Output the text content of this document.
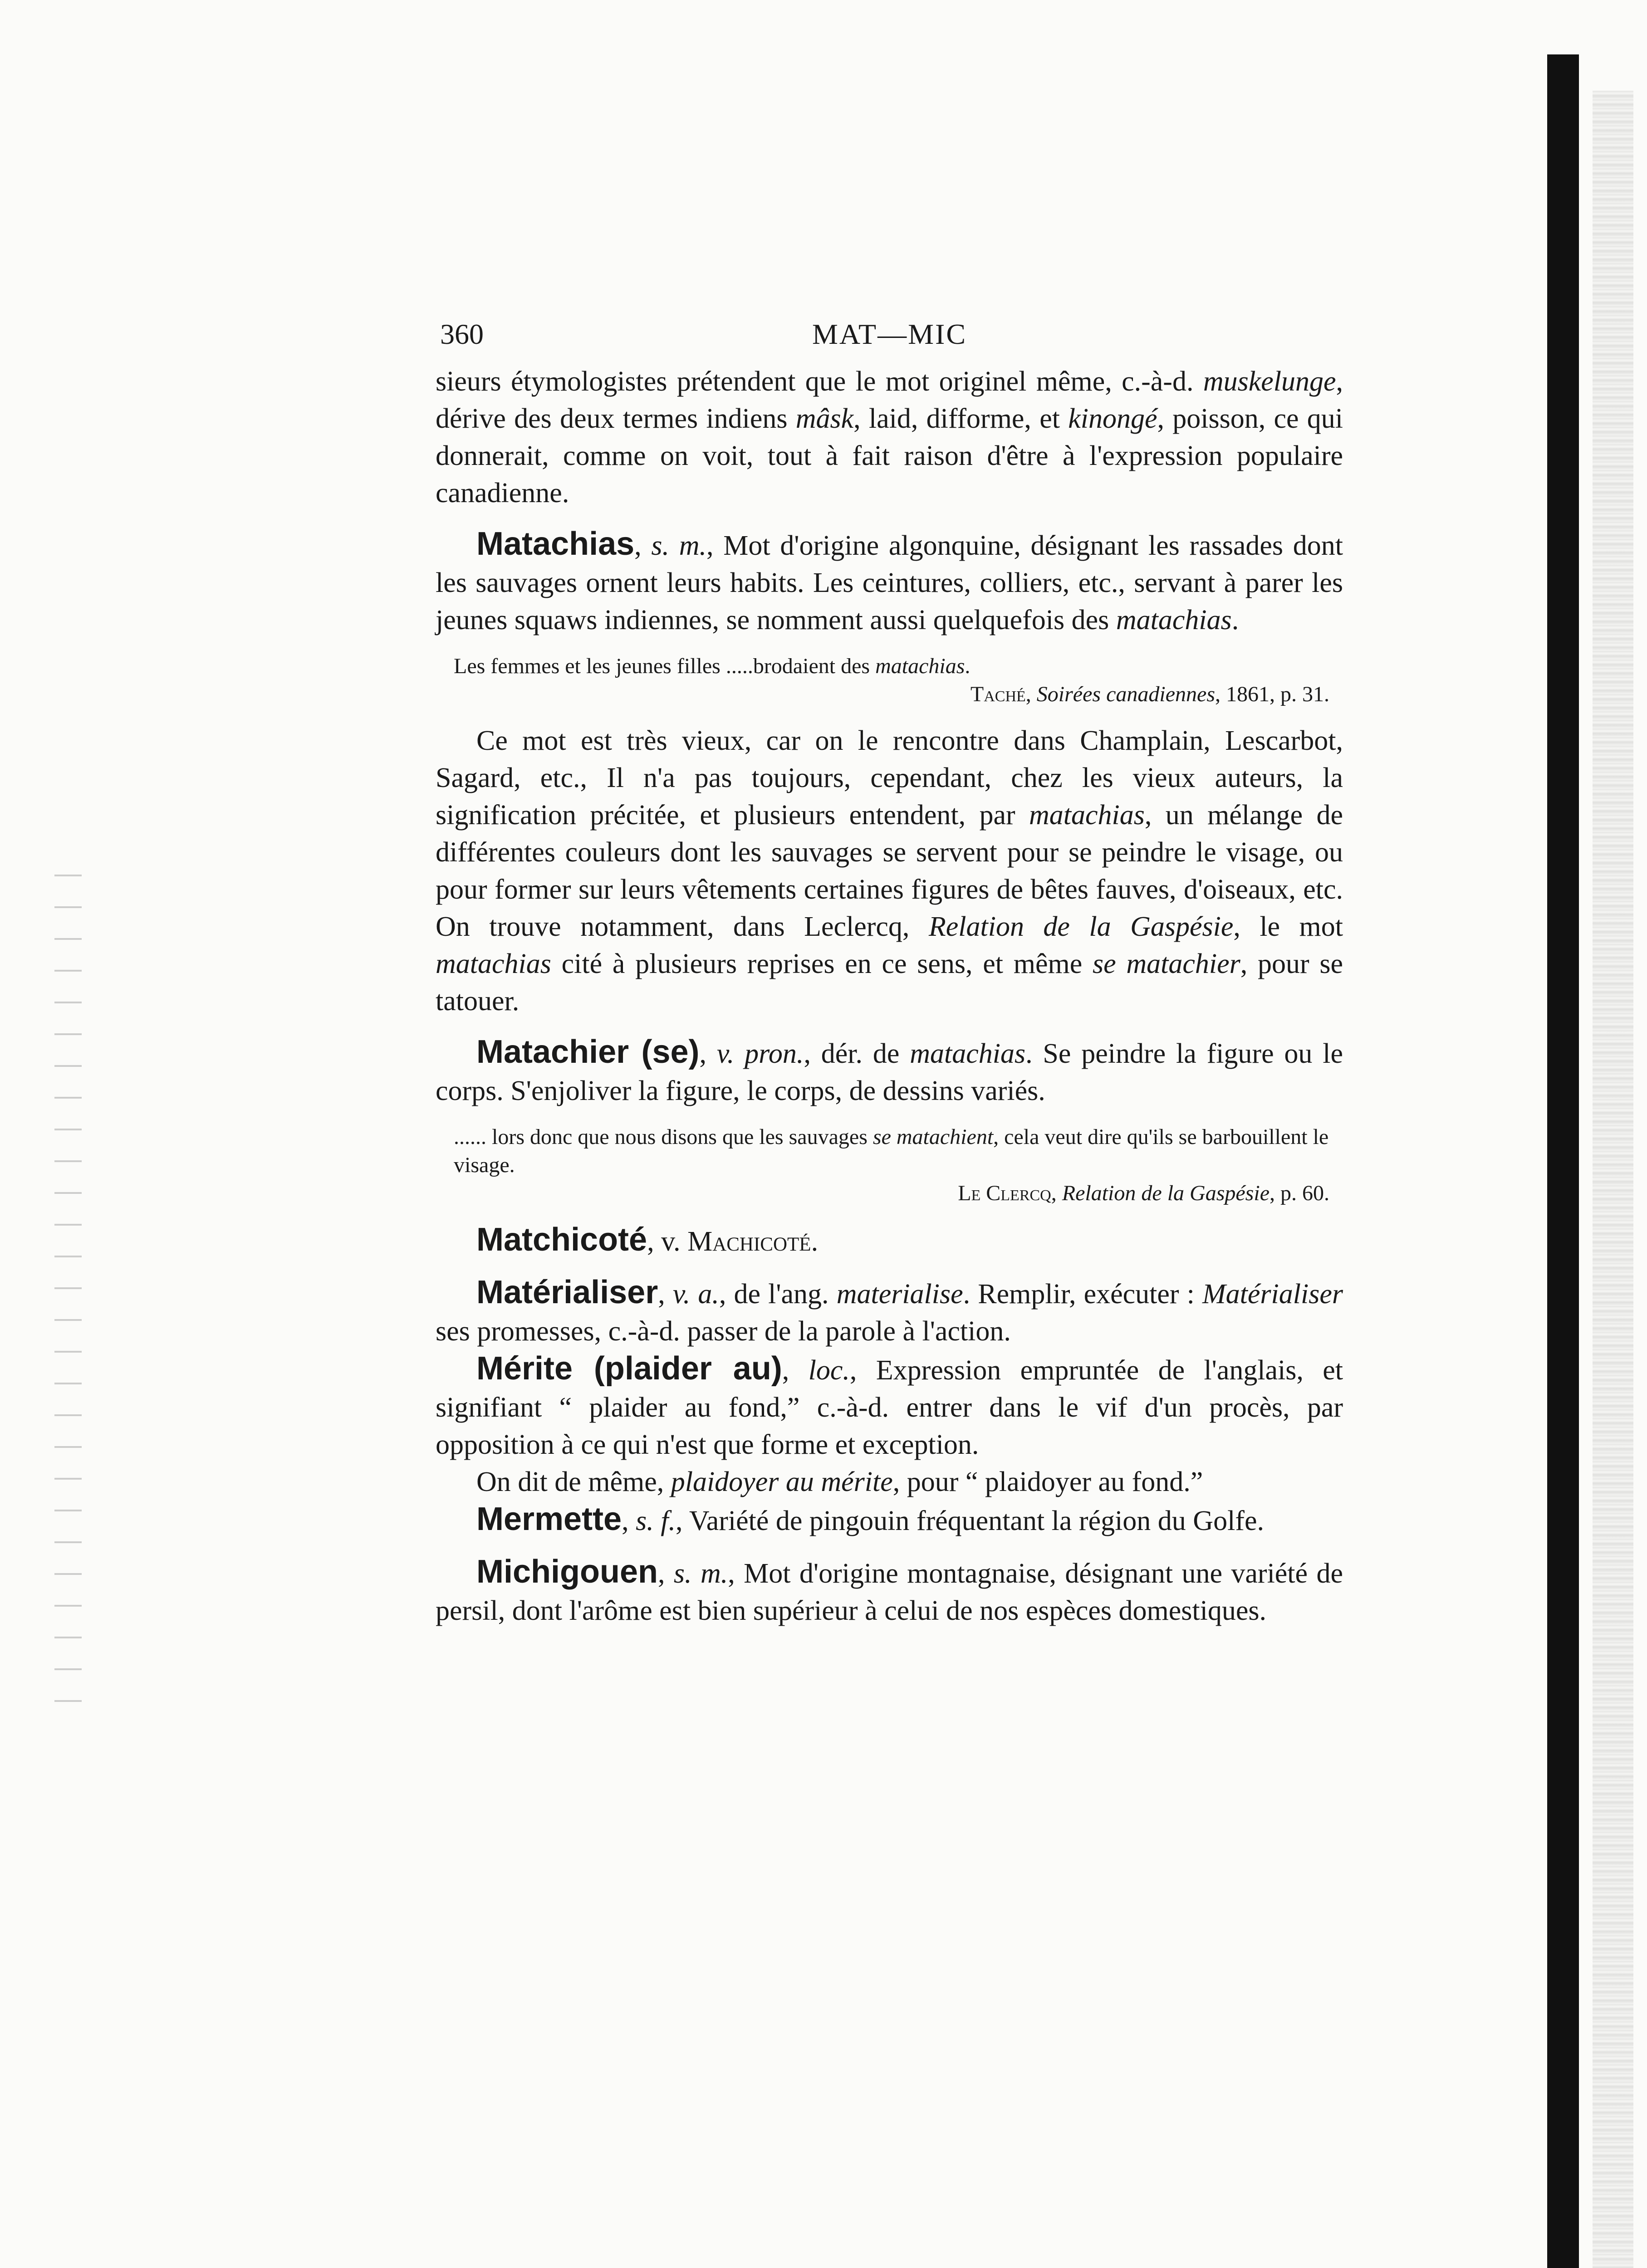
360	MAT—MIC

sieurs étymologistes prétendent que le mot originel même, c.-à-d. muskelunge, dérive des deux termes indiens mâsk, laid, difforme, et kinongé, poisson, ce qui donnerait, comme on voit, tout à fait raison d'être à l'expression populaire canadienne.

Matachias, s. m., Mot d'origine algonquine, désignant les rassades dont les sauvages ornent leurs habits. Les ceintures, colliers, etc., servant à parer les jeunes squaws indiennes, se nomment aussi quelquefois des matachias.

Les femmes et les jeunes filles .....brodaient des matachias.

Taché, Soirées canadiennes, 1861, p. 31.

Ce mot est très vieux, car on le rencontre dans Champlain, Lescarbot, Sagard, etc., Il n'a pas toujours, cependant, chez les vieux auteurs, la signification précitée, et plusieurs entendent, par matachias, un mélange de différentes couleurs dont les sauvages se servent pour se peindre le visage, ou pour former sur leurs vêtements certaines figures de bêtes fauves, d'oiseaux, etc. On trouve notamment, dans Leclercq, Relation de la Gaspésie, le mot matachias cité à plusieurs reprises en ce sens, et même se matachier, pour se tatouer.

Matachier (se), v. pron., dér. de matachias. Se peindre la figure ou le corps. S'enjoliver la figure, le corps, de dessins variés.

...... lors donc que nous disons que les sauvages se matachient, cela veut dire qu'ils se barbouillent le visage.

Le Clercq, Relation de la Gaspésie, p. 60.

Matchicoté, v. Machicoté.

Matérialiser, v. a., de l'ang. materialise. Remplir, exécuter : Matérialiser ses promesses, c.-à-d. passer de la parole à l'action.

Mérite (plaider au), loc., Expression empruntée de l'anglais, et signifiant “ plaider au fond,” c.-à-d. entrer dans le vif d'un procès, par opposition à ce qui n'est que forme et exception.

On dit de même, plaidoyer au mérite, pour “ plaidoyer au fond.”

Mermette, s. f., Variété de pingouin fréquentant la région du Golfe.

Michigouen, s. m., Mot d'origine montagnaise, désignant une variété de persil, dont l'arôme est bien supérieur à celui de nos espèces domestiques.
